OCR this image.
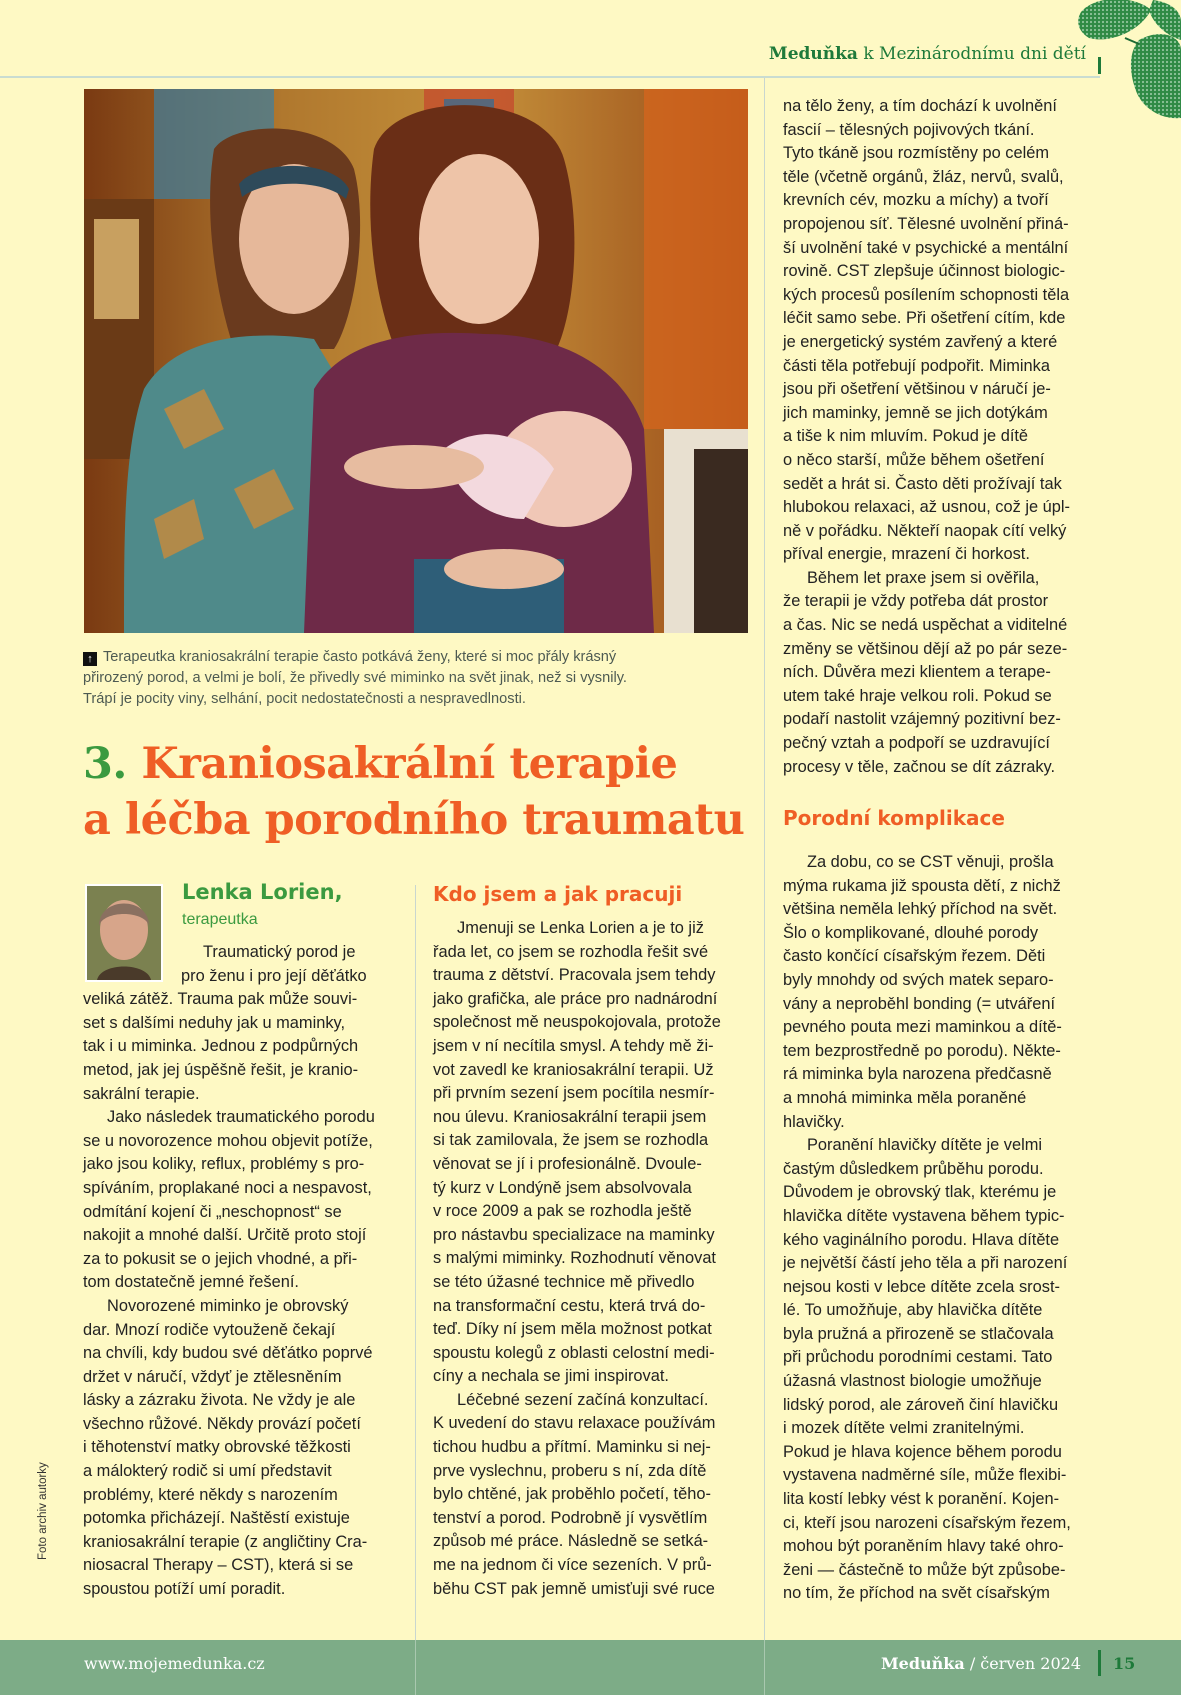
Meduňka k Mezinárodnímu dni dětí
↑ Terapeutka kraniosakrální terapie často potkává ženy, které si moc přály krásný
přirozený porod, a velmi je bolí, že přivedly své miminko na svět jinak, než si vysnily.
Trápí je pocity viny, selhání, pocit nedostatečnosti a nespravedlnosti.
3. Kraniosakrální terapie
a léčba porodního traumatu
Lenka Lorien,
terapeutka
Traumatický porod je
pro ženu i pro její děťátko
veliká zátěž. Trauma pak může souvi-
set s dalšími neduhy jak u maminky,
tak i u miminka. Jednou z podpůrných
metod, jak jej úspěšně řešit, je kranio-
sakrální terapie.
Jako následek traumatického porodu
se u novorozence mohou objevit potíže,
jako jsou koliky, reflux, problémy s pro-
spíváním, proplakané noci a nespavost,
odmítání kojení či „neschopnost“ se
nakojit a mnohé další. Určitě proto stojí
za to pokusit se o jejich vhodné, a při-
tom dostatečně jemné řešení.
Novorozené miminko je obrovský
dar. Mnozí rodiče vytouženě čekají
na chvíli, kdy budou své děťátko poprvé
držet v náručí, vždyť je ztělesněním
lásky a zázraku života. Ne vždy je ale
všechno růžové. Někdy provází početí
i těhotenství matky obrovské těžkosti
a málokterý rodič si umí představit
problémy, které někdy s narozením
potomka přicházejí. Naštěstí existuje
kraniosakrální terapie (z angličtiny Cra-
niosacral Therapy – CST), která si se
spoustou potíží umí poradit.
Foto archiv autorky
Kdo jsem a jak pracuji
Jmenuji se Lenka Lorien a je to již
řada let, co jsem se rozhodla řešit své
trauma z dětství. Pracovala jsem tehdy
jako grafička, ale práce pro nadnárodní
společnost mě neuspokojovala, protože
jsem v ní necítila smysl. A tehdy mě ži-
vot zavedl ke kraniosakrální terapii. Už
při prvním sezení jsem pocítila nesmír-
nou úlevu. Kraniosakrální terapii jsem
si tak zamilovala, že jsem se rozhodla
věnovat se jí i profesionálně. Dvoule-
tý kurz v Londýně jsem absolvovala
v roce 2009 a pak se rozhodla ještě
pro nástavbu specializace na maminky
s malými miminky. Rozhodnutí věnovat
se této úžasné technice mě přivedlo
na transformační cestu, která trvá do-
teď. Díky ní jsem měla možnost potkat
spoustu kolegů z oblasti celostní medi-
cíny a nechala se jimi inspirovat.
Léčebné sezení začíná konzultací.
K uvedení do stavu relaxace používám
tichou hudbu a přítmí. Maminku si nej-
prve vyslechnu, proberu s ní, zda dítě
bylo chtěné, jak proběhlo početí, těho-
tenství a porod. Podrobně jí vysvětlím
způsob mé práce. Následně se setká-
me na jednom či více sezeních. V prů-
běhu CST pak jemně umisťuji své ruce
na tělo ženy, a tím dochází k uvolnění
fascií – tělesných pojivových tkání.
Tyto tkáně jsou rozmístěny po celém
těle (včetně orgánů, žláz, nervů, svalů,
krevních cév, mozku a míchy) a tvoří
propojenou síť. Tělesné uvolnění přiná-
ší uvolnění také v psychické a mentální
rovině. CST zlepšuje účinnost biologic-
kých procesů posílením schopnosti těla
léčit samo sebe. Při ošetření cítím, kde
je energetický systém zavřený a které
části těla potřebují podpořit. Miminka
jsou při ošetření většinou v náručí je-
jich maminky, jemně se jich dotýkám
a tiše k nim mluvím. Pokud je dítě
o něco starší, může během ošetření
sedět a hrát si. Často děti prožívají tak
hlubokou relaxaci, až usnou, což je úpl-
ně v pořádku. Někteří naopak cítí velký
příval energie, mrazení či horkost.
Během let praxe jsem si ověřila,
že terapii je vždy potřeba dát prostor
a čas. Nic se nedá uspěchat a viditelné
změny se většinou dějí až po pár seze-
ních. Důvěra mezi klientem a terape-
utem také hraje velkou roli. Pokud se
podaří nastolit vzájemný pozitivní bez-
pečný vztah a podpoří se uzdravující
procesy v těle, začnou se dít zázraky.
Porodní komplikace
Za dobu, co se CST věnuji, prošla
mýma rukama již spousta dětí, z nichž
většina neměla lehký příchod na svět.
Šlo o komplikované, dlouhé porody
často končící císařským řezem. Děti
byly mnohdy od svých matek separo-
vány a neproběhl bonding (= utváření
pevného pouta mezi maminkou a dítě-
tem bezprostředně po porodu). Někte-
rá miminka byla narozena předčasně
a mnohá miminka měla poraněné
hlavičky.
Poranění hlavičky dítěte je velmi
častým důsledkem průběhu porodu.
Důvodem je obrovský tlak, kterému je
hlavička dítěte vystavena během typic-
kého vaginálního porodu. Hlava dítěte
je největší částí jeho těla a při narození
nejsou kosti v lebce dítěte zcela srost-
lé. To umožňuje, aby hlavička dítěte
byla pružná a přirozeně se stlačovala
při průchodu porodními cestami. Tato
úžasná vlastnost biologie umožňuje
lidský porod, ale zároveň činí hlavičku
i mozek dítěte velmi zranitelnými.
Pokud je hlava kojence během porodu
vystavena nadměrné síle, může flexibi-
lita kostí lebky vést k poranění. Kojen-
ci, kteří jsou narozeni císařským řezem,
mohou být poraněním hlavy také ohro-
ženi — částečně to může být způsobe-
no tím, že příchod na svět císařským
www.mojemedunka.cz	Meduňka / červen 2024 15
